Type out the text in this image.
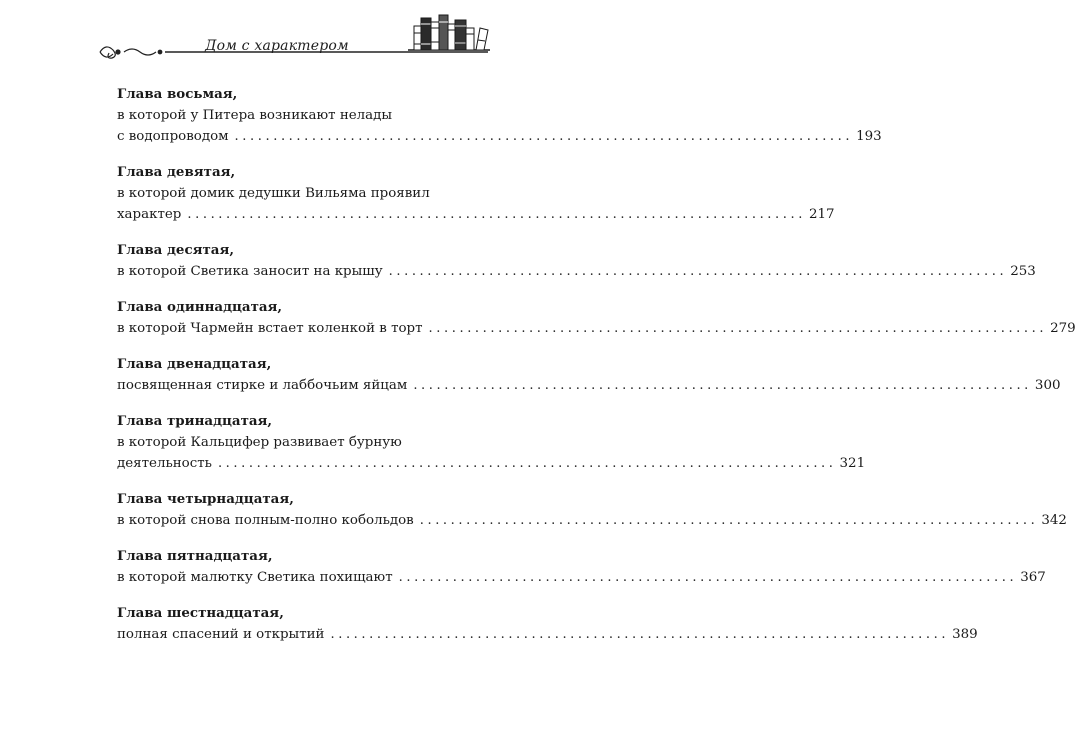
Дом с характером
Глава восьмая,
в которой у Питера возникают нелады
с водопроводом ................................................................................ 193
Глава девятая,
в которой домик дедушки Вильяма проявил
характер ................................................................................ 217
Глава десятая,
в которой Светика заносит на крышу ................................................................................ 253
Глава одиннадцатая,
в которой Чармейн встает коленкой в торт ................................................................................ 279
Глава двенадцатая,
посвященная стирке и лаббочьим яйцам ................................................................................ 300
Глава тринадцатая,
в которой Кальцифер развивает бурную
деятельность ................................................................................ 321
Глава четырнадцатая,
в которой снова полным-полно кобольдов ................................................................................ 342
Глава пятнадцатая,
в которой малютку Светика похищают ................................................................................ 367
Глава шестнадцатая,
полная спасений и открытий ................................................................................ 389
